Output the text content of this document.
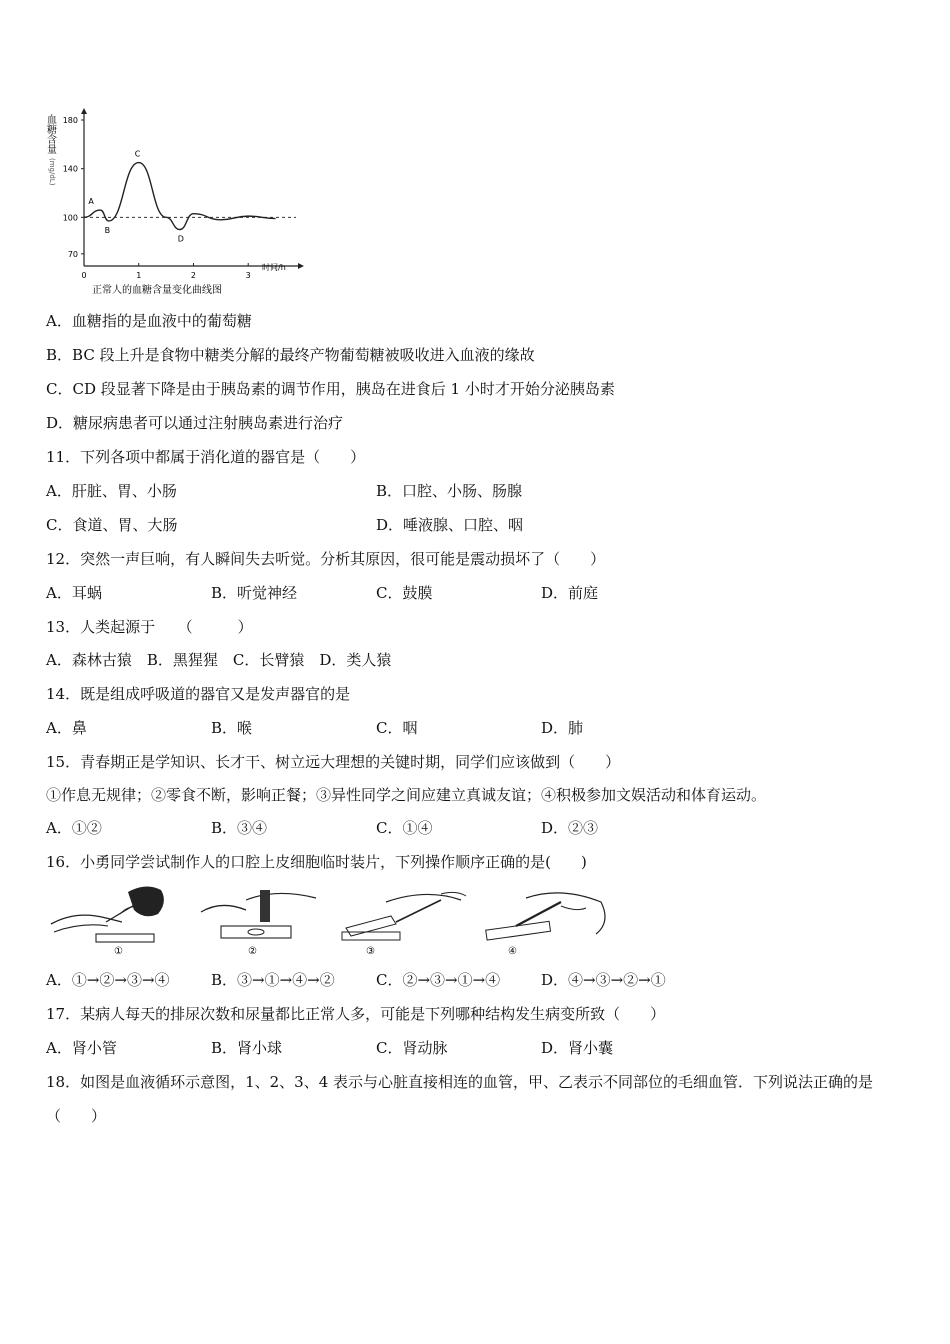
血糖含量
(mg/dL)
70
100
140
180
0	1	2	3
A
B
C
D
时间/h
正常人的血糖含量变化曲线图
A．血糖指的是血液中的葡萄糖
B．BC 段上升是食物中糖类分解的最终产物葡萄糖被吸收进入血液的缘故
C．CD 段显著下降是由于胰岛素的调节作用，胰岛在进食后 1 小时才开始分泌胰岛素
D．糖尿病患者可以通过注射胰岛素进行治疗
11．下列各项中都属于消化道的器官是（　　）
A．肝脏、胃、小肠	B．口腔、小肠、肠腺
C．食道、胃、大肠	D．唾液腺、口腔、咽
12．突然一声巨响，有人瞬间失去听觉。分析其原因，很可能是震动损坏了（　　）
A．耳蜗	B．听觉神经	C．鼓膜	D．前庭
13．人类起源于　　（　　　）
A．森林古猿　B．黑猩猩　C．长臂猿　D．类人猿
14．既是组成呼吸道的器官又是发声器官的是
A．鼻	B．喉	C．咽	D．肺
15．青春期正是学知识、长才干、树立远大理想的关键时期，同学们应该做到（　　）
①作息无规律；②零食不断，影响正餐；③异性同学之间应建立真诚友谊；④积极参加文娱活动和体育运动。
A．①②	B．③④	C．①④	D．②③
16．小勇同学尝试制作人的口腔上皮细胞临时装片，下列操作顺序正确的是(　　)
①	②	③	④
A．①→②→③→④	B．③→①→④→②	C．②→③→①→④	D．④→③→②→①
17．某病人每天的排尿次数和尿量都比正常人多，可能是下列哪种结构发生病变所致（　　）
A．肾小管	B．肾小球	C．肾动脉	D．肾小囊
18．如图是血液循环示意图，1、2、3、4 表示与心脏直接相连的血管，甲、乙表示不同部位的毛细血管．下列说法正确的是（　　）
